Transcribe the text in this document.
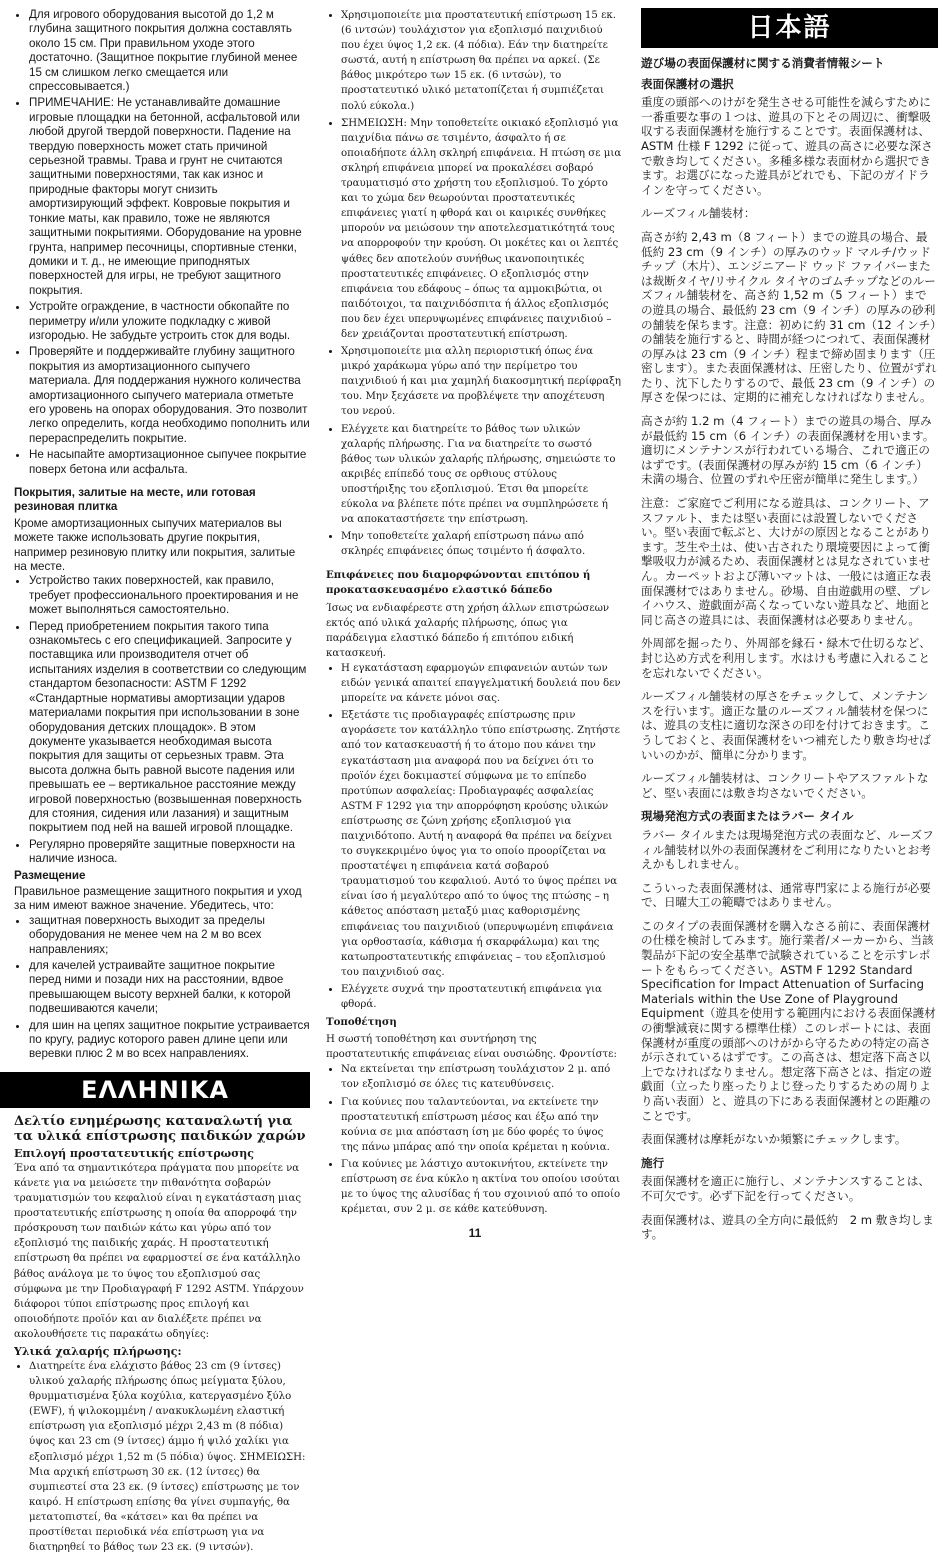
• Для игрового оборудования высотой до 1,2 м глубина защитного покрытия должна составлять около 15 см. При правильном уходе этого достаточно. (Защитное покрытие глубиной менее 15 см слишком легко смещается или спрессовывается.)
• ПРИМЕЧАНИЕ: Не устанавливайте домашние игровые площадки на бетонной, асфальтовой или любой другой твердой поверхности. Падение на твердую поверхность может стать причиной серьезной травмы. Трава и грунт не считаются защитными поверхностями, так как износ и природные факторы могут снизить амортизирующий эффект. Ковровые покрытия и тонкие маты, как правило, тоже не являются защитными покрытиями. Оборудование на уровне грунта, например песочницы, спортивные стенки, домики и т. д., не имеющие приподнятых поверхностей для игры, не требуют защитного покрытия.
• Устройте ограждение, в частности обкопайте по периметру и/или уложите подкладку с живой изгородью. Не забудьте устроить сток для воды.
• Проверяйте и поддерживайте глубину защитного покрытия из амортизационного сыпучего материала. Для поддержания нужного количества амортизационного сыпучего материала отметьте его уровень на опорах оборудования. Это позволит легко определить, когда необходимо пополнить или перераспределить покрытие.
• Не насыпайте амортизационное сыпучее покрытие поверх бетона или асфальта.
Покрытия, залитые на месте, или готовая резиновая плитка

Кроме амортизационных сыпучих материалов вы можете также использовать другие покрытия, например резиновую плитку или покрытия, залитые на месте.

• Устройство таких поверхностей, как правило, требует профессионального проектирования и не может выполняться самостоятельно.
• Перед приобретением покрытия такого типа ознакомьтесь с его спецификацией. Запросите у поставщика или производителя отчет об испытаниях изделия в соответствии со следующим стандартом безопасности: ASTM F 1292 «Стандартные нормативы амортизации ударов материалами покрытия при использовании в зоне оборудования детских площадок». В этом документе указывается необходимая высота покрытия для защиты от серьезных травм. Эта высота должна быть равной высоте падения или превышать ее – вертикальное расстояние между игровой поверхностью (возвышенная поверхность для стояния, сидения или лазания) и защитным покрытием под ней на вашей игровой площадке.
• Регулярно проверяйте защитные поверхности на наличие износа.
Размещение

Правильное размещение защитного покрытия и уход за ним имеют важное значение. Убедитесь, что:

• защитная поверхность выходит за пределы оборудования не менее чем на 2 м во всех направлениях;
• для качелей устраивайте защитное покрытие перед ними и позади них на расстоянии, вдвое превышающем высоту верхней балки, к которой подвешиваются качели;
• для шин на цепях защитное покрытие устраивается по кругу, радиус которого равен длине цепи или веревки плюс 2 м во всех направлениях.
ΕΛΛΗΝΙΚΑ
Δελτίο ενημέρωσης καταναλωτή για τα υλικά επίστρωσης παιδικών χαρών
Επιλογή προστατευτικής επίστρωσης

Ένα από τα σημαντικότερα πράγματα που μπορείτε να κάνετε για να μειώσετε την πιθανότητα σοβαρών τραυματισμών του κεφαλιού είναι η εγκατάσταση μιας προστατευτικής επίστρωσης η οποία θα απορροφά την πρόσκρουση των παιδιών κάτω και γύρω από τον εξοπλισμό της παιδικής χαράς. Η προστατευτική επίστρωση θα πρέπει να εφαρμοστεί σε ένα κατάλληλο βάθος ανάλογα με το ύψος του εξοπλισμού σας σύμφωνα με την Προδιαγραφή F 1292 ASTM. Υπάρχουν διάφοροι τύποι επίστρωσης προς επιλογή και οποιοδήποτε προϊόν και αν διαλέξετε πρέπει να ακολουθήσετε τις παρακάτω οδηγίες:

Υλικά χαλαρής πλήρωσης:
• Διατηρείτε ένα ελάχιστο βάθος 23 cm (9 ίντσες) υλικού χαλαρής πλήρωσης όπως μείγματα ξύλου, θρυμματισμένα ξύλα κοχύλια, κατεργασμένο ξύλο (EWF), ή ψιλοκομμένη / ανακυκλωμένη ελαστική επίστρωση για εξοπλισμό μέχρι 2,43 m (8 πόδια) ύψος και 23 cm (9 ίντσες) άμμο ή ψιλό χαλίκι για εξοπλισμό μέχρι 1,52 m (5 πόδια) ύψος. ΣΗΜΕΙΩΣΗ: Μια αρχική επίστρωση 30 εκ. (12 ίντσες) θα συμπιεστεί στα 23 εκ. (9 ίντσες) επίστρωσης με τον καιρό. Η επίστρωση επίσης θα γίνει συμπαγής, θα μετατοπιστεί, θα «κάτσει» και θα πρέπει να προστίθεται περιοδικά νέα επίστρωση για να διατηρηθεί το βάθος των 23 εκ. (9 ιντσών).
• Χρησιμοποιείτε μια προστατευτική επίστρωση 15 εκ. (6 ιντσών) τουλάχιστον για εξοπλισμό παιχνιδιού που έχει ύψος 1,2 εκ. (4 πόδια). Εάν την διατηρείτε σωστά, αυτή η επίστρωση θα πρέπει να αρκεί. (Σε βάθος μικρότερο των 15 εκ. (6 ιντσών), το προστατευτικό υλικό μετατοπίζεται ή συμπιέζεται πολύ εύκολα.)
• ΣΗΜΕΙΩΣΗ: Μην τοποθετείτε οικιακό εξοπλισμό για παιχνίδια πάνω σε τσιμέντο, άσφαλτο ή σε οποιαδήποτε άλλη σκληρή επιφάνεια. Η πτώση σε μια σκληρή επιφάνεια μπορεί να προκαλέσει σοβαρό τραυματισμό στο χρήστη του εξοπλισμού. Το χόρτο και το χώμα δεν θεωρούνται προστατευτικές επιφάνειες γιατί η φθορά και οι καιρικές συνθήκες μπορούν να μειώσουν την αποτελεσματικότητά τους να απορροφούν την κρούση. Οι μοκέτες και οι λεπτές ψάθες δεν αποτελούν συνήθως ικανοποιητικές προστατευτικές επιφάνειες. Ο εξοπλισμός στην επιφάνεια του εδάφους – όπως τα αμμοκιβώτια, οι παιδότοιχοι, τα παιχνιδόσπιτα ή άλλος εξοπλισμός που δεν έχει υπερυψωμένες επιφάνειες παιχνιδιού – δεν χρειάζονται προστατευτική επίστρωση.
• Χρησιμοποιείτε μια αλλη περιοριστική όπως ένα μικρό χαράκωμα γύρω από την περίμετρο του παιχνιδιού ή και μια χαμηλή διακοσμητική περίφραξη του. Μην ξεχάσετε να προβλέψετε την αποχέτευση του νερού.
• Ελέγχετε και διατηρείτε το βάθος των υλικών χαλαρής πλήρωσης. Για να διατηρείτε το σωστό βάθος των υλικών χαλαρής πλήρωσης, σημειώστε το ακριβές επίπεδό τους σε ορθιους στύλους υποστήριξης του εξοπλισμού. Έτσι θα μπορείτε εύκολα να βλέπετε πότε πρέπει να συμπληρώσετε ή να αποκαταστήσετε την επίστρωση.
• Μην τοποθετείτε χαλαρή επίστρωση πάνω από σκληρές επιφάνειες όπως τσιμέντο ή άσφαλτο.
Επιφάνειες που διαμορφώνονται επιτόπου ή προκατασκευασμένο ελαστικό δάπεδο

Ίσως να ενδιαφέρεστε στη χρήση άλλων επιστρώσεων εκτός από υλικά χαλαρής πλήρωσης, όπως για παράδειγμα ελαστικό δάπεδο ή επιτόπου ειδική κατασκευή.

• Η εγκατάσταση εφαρμογών επιφανειών αυτών των ειδών γενικά απαιτεί επαγγελματική δουλειά που δεν μπορείτε να κάνετε μόνοι σας.
• Εξετάστε τις προδιαγραφές επίστρωσης πριν αγοράσετε τον κατάλληλο τύπο επίστρωσης. Ζητήστε από τον κατασκευαστή ή το άτομο που κάνει την εγκατάσταση μια αναφορά που να δείχνει ότι το προϊόν έχει δοκιμαστεί σύμφωνα με το επίπεδο προτύπων ασφαλείας: Προδιαγραφές ασφαλείας ASTM F 1292 για την απορρόφηση κρούσης υλικών επίστρωσης σε ζώνη χρήσης εξοπλισμού για παιχνιδότοπο. Αυτή η αναφορά θα πρέπει να δείχνει το συγκεκριμένο ύψος για το οποίο προορίζεται να προστατέψει η επιφάνεια κατά σοβαρού τραυματισμού του κεφαλιού. Αυτό το ύψος πρέπει να είναι ίσο ή μεγαλύτερο από το ύψος της πτώσης – η κάθετος απόσταση μεταξύ μιας καθορισμένης επιφάνειας του παιχνιδιού (υπερυψωμένη επιφάνεια για ορθοστασία, κάθισμα ή σκαρφάλωμα) και της κατωπροστατευτικής επιφάνειας – του εξοπλισμού του παιχνιδιού σας.
• Ελέγχετε συχνά την προστατευτική επιφάνεια για φθορά.
Τοποθέτηση

Η σωστή τοποθέτηση και συντήρηση της προστατευτικής επιφάνειας είναι ουσιώδης. Φροντίστε:

• Να εκτείνεται την επίστρωση τουλάχιστον 2 μ. από τον εξοπλισμό σε όλες τις κατευθύνσεις.
• Για κούνιες που ταλαντεύονται, να εκτείνετε την προστατευτική επίστρωση μέσος και έξω από την κούνια σε μια απόσταση ίση με δύο φορές το ύψος της πάνω μπάρας από την οποία κρέμεται η κούνια.
• Για κούνιες με λάστιχο αυτοκινήτου, εκτείνετε την επίστρωση σε ένα κύκλο η ακτίνα του οποίου ισούται με το ύψος της αλυσίδας ή του σχοινιού από το οποίο κρέμεται, συν 2 μ. σε κάθε κατεύθυνση.
日本語
遊び場の表面保護材に関する消費者情報シート
表面保護材の選択

重度の頭部へのけがを発生させる可能性を減らすために一番重要な事の１つは、遊具の下とその周辺に、衝撃吸収する表面保護材を施行することです。表面保護材は、ASTM 仕様 F 1292 に従って、遊具の高さに必要な深さで敷き均してください。多種多様な表面材から選択できます。お選びになった遊具がどれでも、下記のガイドラインを守ってください。

ルーズフィル舗装材：

高さが約 2,43 m（8 フィート）までの遊具の場合、最低約 23 cm（9 インチ）の厚みのウッド マルチ/ウッド チップ（木片）、エンジニアード ウッド ファイバーまたは裁断タイヤ/リサイクル タイヤのゴムチップなどのルーズフィル舗装材を、高さ約 1,52 m（5 フィート）までの遊具の場合、最低約 23 cm（9 インチ）の厚みの砂利の舗装を保ちます。注意：初めに約 31 cm（12 インチ）の舗装を施行すると、時間が経つにつれて、表面保護材の厚みは 23 cm（9 インチ）程まで締め固まります（圧密します）。また表面保護材は、圧密したり、位置がずれたり、沈下したりするので、最低 23 cm（9 インチ）の厚さを保つには、定期的に補充しなければなりません。

高さが約 1.2 m（4 フィート）までの遊具の場合、厚みが最低約 15 cm（6 インチ）の表面保護材を用います。適切にメンテナンスが行われている場合、これで適正のはずです。(表面保護材の厚みが約 15 cm（6 インチ）未満の場合、位置のずれや圧密が簡単に発生します。）

注意：ご家庭でご利用になる遊具は、コンクリート、アスファルト、または堅い表面には設置しないでください。堅い表面で転ぶと、大けがの原因となることがあります。芝生や土は、使い古されたり環境要因によって衝撃吸収力が減るため、表面保護材とは見なされていません。カーペットおよび薄いマットは、一般には適正な表面保護材ではありません。砂場、自由遊戯用の壁、プレイハウス、遊戯面が高くなっていない遊具など、地面と同じ高さの遊具には、表面保護材は必要ありません。

外周部を掘ったり、外周部を縁石・緑木で仕切るなど、封じ込め方式を利用します。水はけも考慮に入れることを忘れないでください。

ルーズフィル舗装材の厚さをチェックして、メンテナンスを行います。適正な量のルーズフィル舗装材を保つには、遊具の支柱に適切な深さの印を付けておきます。こうしておくと、表面保護材をいつ補充したり敷き均せばいいのかが、簡単に分かります。

ルーズフィル舗装材は、コンクリートやアスファルトなど、堅い表面には敷き均さないでください。

現場発泡方式の表面またはラバー タイル

ラバー タイルまたは現場発泡方式の表面など、ルーズフィル舗装材以外の表面保護材をご利用になりたいとお考えかもしれません。

こういった表面保護材は、通常専門家による施行が必要で、日曜大工の範疇ではありません。

このタイプの表面保護材を購入なさる前に、表面保護材の仕様を検討してみます。施行業者/メーカーから、当該製品が下記の安全基準で試験されていることを示すレポートをもらってください。ASTM F 1292 Standard Specification for Impact Attenuation of Surfacing Materials within the Use Zone of Playground Equipment（遊具を使用する範囲内における表面保護材の衝撃減衰に関する標準仕様）このレポートには、表面保護材が重度の頭部へのけがから守るための特定の高さが示されているはずです。この高さは、想定落下高さ以上でなければなりません。想定落下高さとは、指定の遊戯面（立ったり座ったりよじ登ったりするための周りより高い表面）と、遊具の下にある表面保護材との距離のことです。

表面保護材は摩耗がないか頻繁にチェックします。

施行

表面保護材を適正に施行し、メンテナンスすることは、不可欠です。必ず下記を行ってください。

表面保護材は、遊具の全方向に最低約　2 m 敷き均します。

11
